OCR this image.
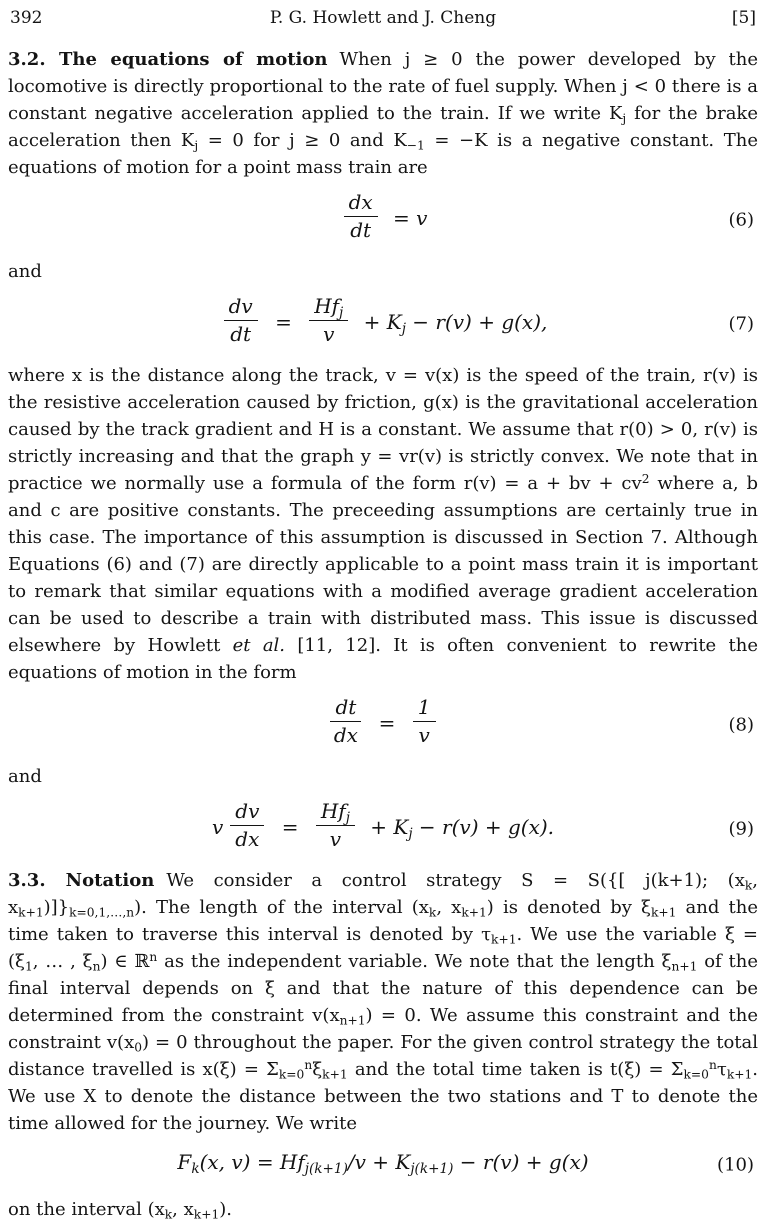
392	P. G. Howlett and J. Cheng	[5]

3.2. The equations of motion When j ≥ 0 the power developed by the locomotive is directly proportional to the rate of fuel supply. When j < 0 there is a constant negative acceleration applied to the train. If we write $K_j$ for the brake acceleration then $K_j = 0$ for j ≥ 0 and $K_{-1} = -K$ is a negative constant. The equations of motion for a point mass train are

$\frac{dx}{dt} = v$	(6)

and

$\frac{dv}{dt} = \frac{Hf_j}{v} + K_j - r(v) + g(x)$,	(7)

where x is the distance along the track, v = v(x) is the speed of the train, r(v) is the resistive acceleration caused by friction, g(x) is the gravitational acceleration caused by the track gradient and H is a constant. We assume that r(0) > 0, r(v) is strictly increasing and that the graph y = vr(v) is strictly convex. We note that in practice we normally use a formula of the form r(v) = a + bv + $cv^2$ where a, b and c are positive constants. The preceeding assumptions are certainly true in this case. The importance of this assumption is discussed in Section 7. Although Equations (6) and (7) are directly applicable to a point mass train it is important to remark that similar equations with a modified average gradient acceleration can be used to describe a train with distributed mass. This issue is discussed elsewhere by Howlett et al. [11, 12]. It is often convenient to rewrite the equations of motion in the form

$\frac{dt}{dx} = \frac{1}{v}$	(8)

and

v $\frac{dv}{dx} = \frac{Hf_j}{v} + K_j - r(v) + g(x)$.	(9)

3.3. Notation We consider a control strategy S = S({[ j(k+1); ($x_k$, $x_{k+1})]\}_{k=0,1,\dots,n}$). The length of the interval ($x_k$, $x_{k+1}$) is denoted by $\xi_{k+1}$ and the time taken to traverse this interval is denoted by $\tau_{k+1}$. We use the variable $\xi = (\xi_1$, … , $\xi_n$) ∈ ℝ$^n$ as the independent variable. We note that the length $\xi_{n+1}$ of the final interval depends on ξ and that the nature of this dependence can be determined from the constraint $v(x_{n+1}) = 0$. We assume this constraint and the constraint $v(x_0) = 0$ throughout the paper. For the given control strategy the total distance travelled is $x(\xi) = \Sigma_{k=0}^n\xi_{k+1}$ and the total time taken is $t(\xi) = \Sigma_{k=0}^n\tau_{k+1}$. We use X to denote the distance between the two stations and T to denote the time allowed for the journey. We write

$F_k(x$, $v) = Hf_{j(k+1)}/v + K_{j(k+1)} - r(v) + g(x)$	(10)

on the interval ($x_k$, $x_{k+1}$).
